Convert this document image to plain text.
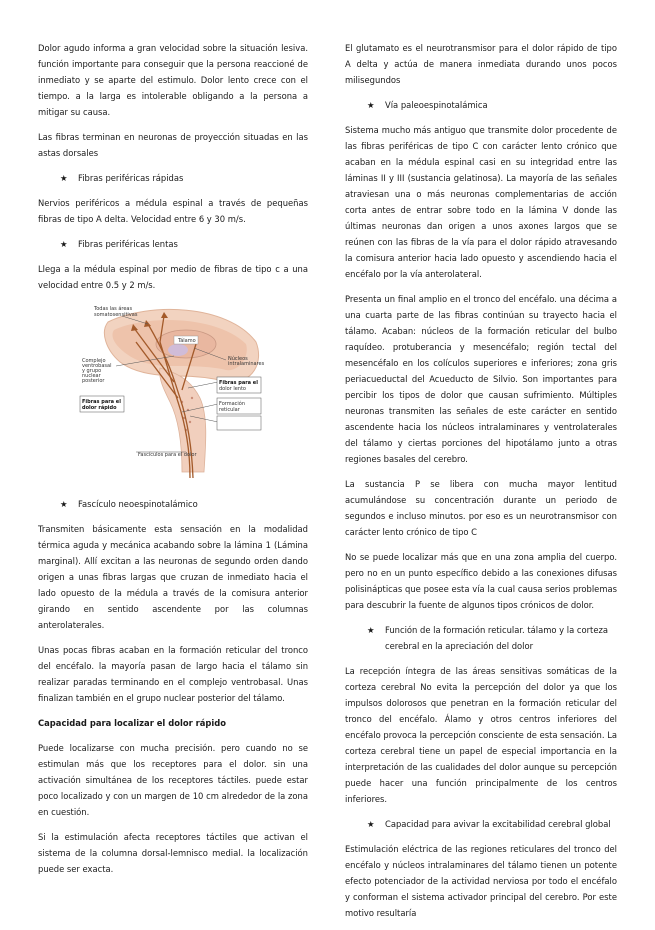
Dolor agudo informa a gran velocidad sobre la situación lesiva. función importante para conseguir que la persona reaccioné de inmediato y se aparte del estimulo. Dolor lento crece con el tiempo. a la larga es intolerable obligando a la persona a mitigar su causa.

Las fibras terminan en neuronas de proyección situadas en las astas dorsales

★	Fibras periféricas rápidas

Nervios periféricos a médula espinal a través de pequeñas fibras de tipo A delta. Velocidad entre 6 y 30 m/s.

★	Fibras periféricas lentas

Llega a la médula espinal por medio de fibras de tipo c a una velocidad entre 0.5 y 2 m/s.

Todas las áreas
somatosensitivas
Tálamo
Complejo
ventrobasal
y grupo
nuclear
posterior
Núcleos
intralaminares
Fibras para el
dolor lento
Formación
reticular
Fibras para el
dolor rápido
Fascículos para el dolor
★	Fascículo neoespinotalámico

Transmiten básicamente esta sensación en la modalidad térmica aguda y mecánica acabando sobre la lámina 1 (Lámina marginal). Allí excitan a las neuronas de segundo orden dando origen a unas fibras largas que cruzan de inmediato hacia el lado opuesto de la médula a través de la comisura anterior girando en sentido ascendente por las columnas anterolaterales.

Unas pocas fibras acaban en la formación reticular del tronco del encéfalo. la mayoría pasan de largo hacia el tálamo sin realizar paradas terminando en el complejo ventrobasal. Unas finalizan también en el grupo nuclear posterior del tálamo.

Capacidad para localizar el dolor rápido

Puede localizarse con mucha precisión. pero cuando no se estimulan más que los receptores para el dolor. sin una activación simultánea de los receptores táctiles. puede estar poco localizado y con un margen de 10 cm alrededor de la zona en cuestión.

Si la estimulación afecta receptores táctiles que activan el sistema de la columna dorsal-lemnisco medial. la localización puede ser exacta.

El glutamato es el neurotransmisor para el dolor rápido de tipo A delta y actúa de manera inmediata durando unos pocos milisegundos

★	Vía paleoespinotalámica

Sistema mucho más antiguo que transmite dolor procedente de las fibras periféricas de tipo C con carácter lento crónico que acaban en la médula espinal casi en su integridad entre las láminas II y III (sustancia gelatinosa). La mayoría de las señales atraviesan una o más neuronas complementarias de acción corta antes de entrar sobre todo en la lámina V donde las últimas neuronas dan origen a unos axones largos que se reúnen con las fibras de la vía para el dolor rápido atravesando la comisura anterior hacia lado opuesto y ascendiendo hacia el encéfalo por la vía anterolateral.

Presenta un final amplio en el tronco del encéfalo. una décima a una cuarta parte de las fibras continúan su trayecto hacia el tálamo. Acaban: núcleos de la formación reticular del bulbo raquídeo. protuberancia y mesencéfalo; región tectal del mesencéfalo en los colículos superiores e inferiores; zona gris periacueductal del Acueducto de Silvio. Son importantes para percibir los tipos de dolor que causan sufrimiento. Múltiples neuronas transmiten las señales de este carácter en sentido ascendente hacia los núcleos intralaminares y ventrolaterales del tálamo y ciertas porciones del hipotálamo junto a otras regiones basales del cerebro.

La sustancia P se libera con mucha mayor lentitud acumulándose su concentración durante un periodo de segundos e incluso minutos. por eso es un neurotransmisor con carácter lento crónico de tipo C

No se puede localizar más que en una zona amplia del cuerpo. pero no en un punto específico debido a las conexiones difusas polisinápticas que posee esta vía la cual causa serios problemas para descubrir la fuente de algunos tipos crónicos de dolor.

★	Función de la formación reticular. tálamo y la corteza cerebral en la apreciación del dolor

La recepción íntegra de las áreas sensitivas somáticas de la corteza cerebral No evita la percepción del dolor ya que los impulsos dolorosos que penetran en la formación reticular del tronco del encéfalo. Álamo y otros centros inferiores del encéfalo provoca la percepción consciente de esta sensación. La corteza cerebral tiene un papel de especial importancia en la interpretación de las cualidades del dolor aunque su percepción puede hacer una función principalmente de los centros inferiores.

★	Capacidad para avivar la excitabilidad cerebral global

Estimulación eléctrica de las regiones reticulares del tronco del encéfalo y núcleos intralaminares del tálamo tienen un potente efecto potenciador de la actividad nerviosa por todo el encéfalo y conforman el sistema activador principal del cerebro. Por este motivo resultaría
